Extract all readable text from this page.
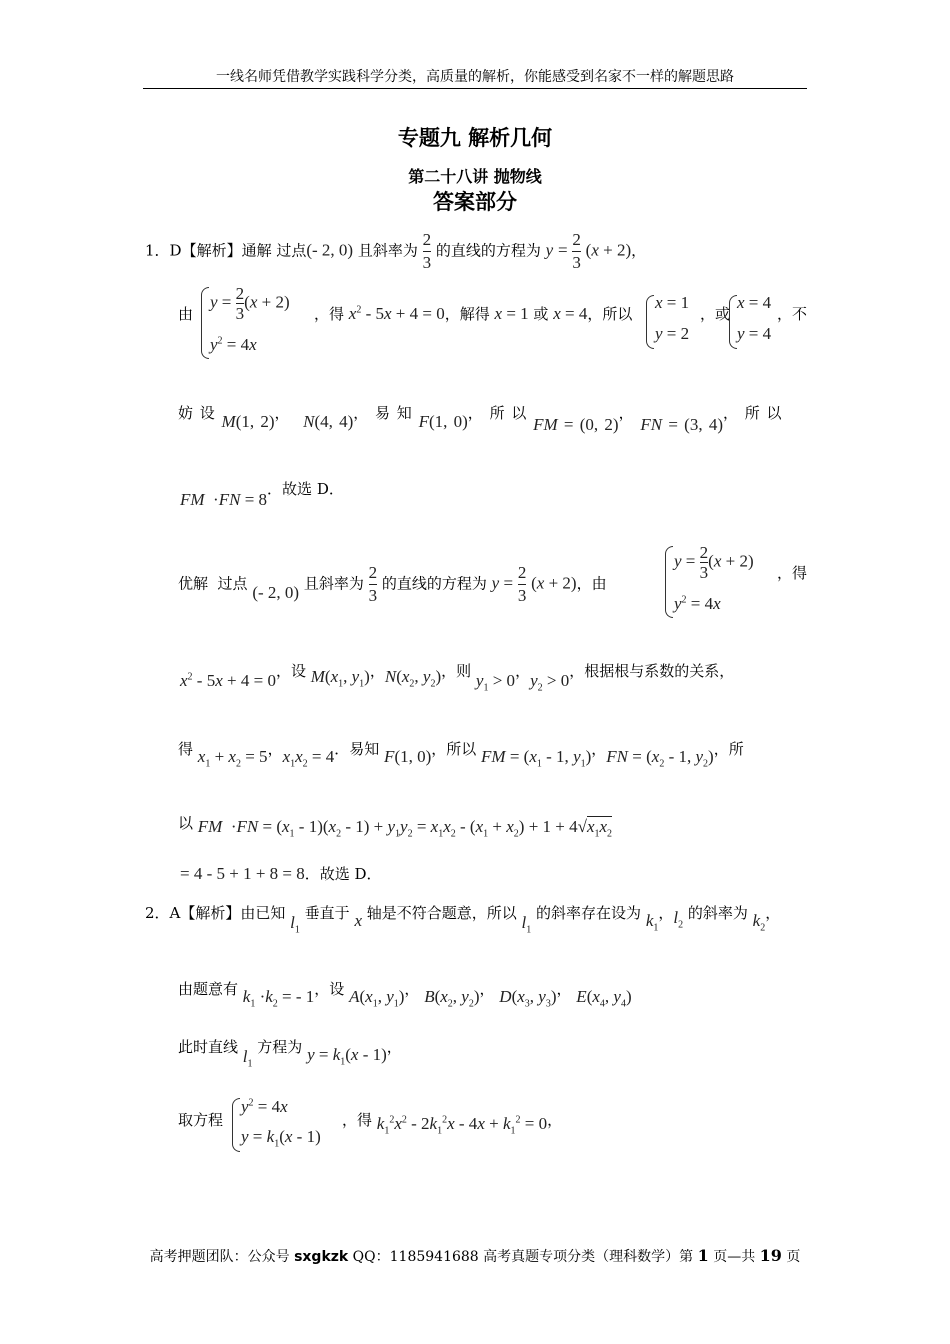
一线名师凭借教学实践科学分类，高质量的解析，你能感受到名家不一样的解题思路
专题九 解析几何
第二十八讲 抛物线
答案部分
1．D【解析】通解 过点(- 2, 0) 且斜率为 $\frac{2}{3}$ 的直线的方程为 $y = \frac{2}{3} (x + 2)$，
由
$y = \frac{2}{3} (x + 2)$
$y^2 = 4x$
，得 $x^2 - 5x + 4 = 0$，解得 x = 1 或 x = 4，所以
x = 1
y = 2
，或
x = 4
y = 4
，不
妨 设 M(1, 2)，  N(4, 4)， 易 知 F(1, 0)， 所 以 FM = (0, 2)， FN = (3, 4)， 所 以
FM  ·FN = 8．故选 D．
优解  过点 (- 2, 0) 且斜率为 $\frac{2}{3}$ 的直线的方程为 $y = \frac{2}{3} (x + 2)$，由
$y = \frac{2}{3} (x + 2)$
$y^2 = 4x$
，得
$x^2 - 5x + 4 = 0$，设 $M(x_1$, $y_1$)，$N(x_2$, $y_2$)，则 $y_1 > 0$，$y_2 > 0$，根据根与系数的关系，
得 $x_1 + x_2 = 5$，$x_1x_2 = 4$．易知 F(1, 0)，所以 FM = ($x_1 - 1$, $y_1$)，FN = ($x_2 - 1$, $y_2$)，所
以 FM  $\cdot FN = (x_1 - 1)(x_2 - 1) + y_1y_2 = x_1x_2 - (x_1 + x_2) + 1 + 4√x_1x_2$
= 4 - 5 + 1 + 8 = 8．故选 D．
2．A【解析】由已知 $l_1$ 垂直于 x 轴是不符合题意，所以 $l_1$ 的斜率存在设为 $k_1$，$l_2$ 的斜率为 $k_2$，
由题意有 $k_1 \cdot k_2$ = - 1，设 $A(x_1$, $y_1$)， $B(x_2$, $y_2$)， $D(x_3$, $y_3$)， $E(x_4$, $y_4$)
此时直线 $l_1$ 方程为 $y = k_1(x - 1)$，
取方程
$y^2 = 4x$
$y = k_1(x - 1)$
，得 $k_1^2x^2 - 2k_1^2x - 4x + k_1^2 = 0$，
高考押题团队：公众号 sxgkzk QQ：1185941688 高考真题专项分类（理科数学）第 1 页—共 19 页
